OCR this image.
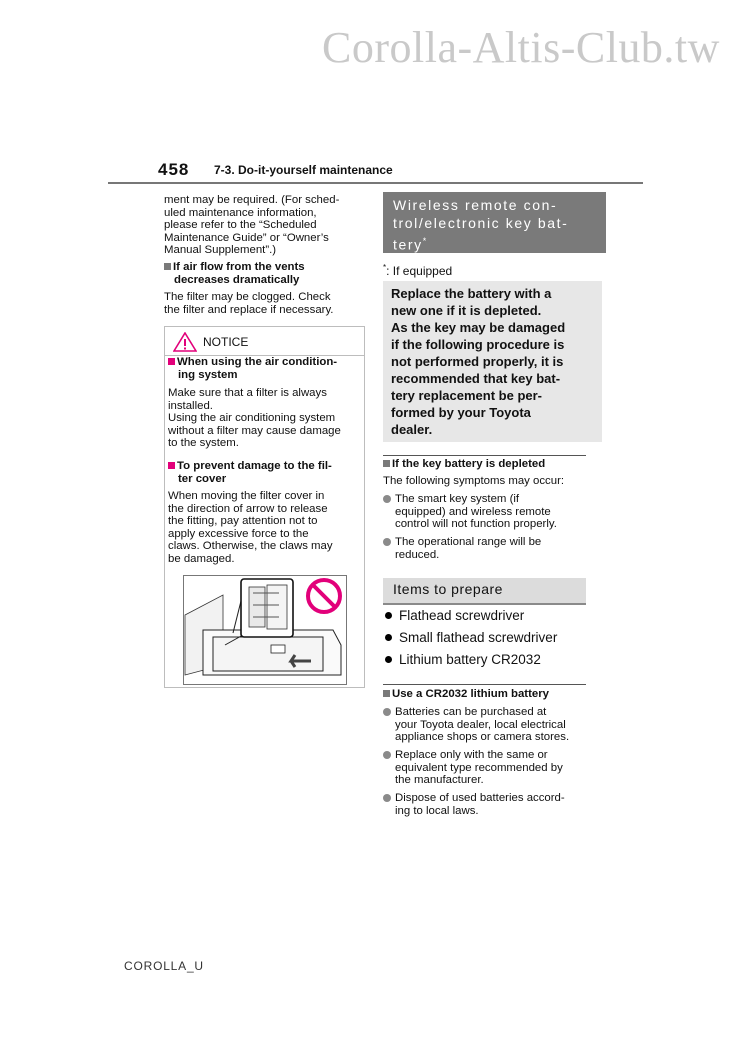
Corolla-Altis-Club.tw
458 7-3. Do-it-yourself maintenance

ment may be required. (For sched-

uled maintenance information,

please refer to the “Scheduled

Maintenance Guide” or “Owner’s

Manual Supplement”.)

If air flow from the vents

decreases dramatically

The filter may be clogged. Check

the filter and replace if necessary.

NOTICE

When using the air condition-

ing system

Make sure that a filter is always

installed.

Using the air conditioning system

without a filter may cause damage

to the system.

To prevent damage to the fil-

ter cover

When moving the filter cover in

the direction of arrow to release

the fitting, pay attention not to

apply excessive force to the

claws. Otherwise, the claws may

be damaged.

Wireless remote con-
trol/electronic key bat-
tery*
*: If equipped
Replace the battery with a
new one if it is depleted.
As the key may be damaged
if the following procedure is
not performed properly, it is
recommended that key bat-
tery replacement be per-
formed by your Toyota
dealer.

If the key battery is depleted

The following symptoms may occur:

The smart key system (if

equipped) and wireless remote

control will not function properly.

The operational range will be

reduced.

Items to prepare
Flathead screwdriver
Small flathead screwdriver
Lithium battery CR2032

Use a CR2032 lithium battery

Batteries can be purchased at

your Toyota dealer, local electrical

appliance shops or camera stores.

Replace only with the same or

equivalent type recommended by

the manufacturer.

Dispose of used batteries accord-

ing to local laws.

COROLLA_U
